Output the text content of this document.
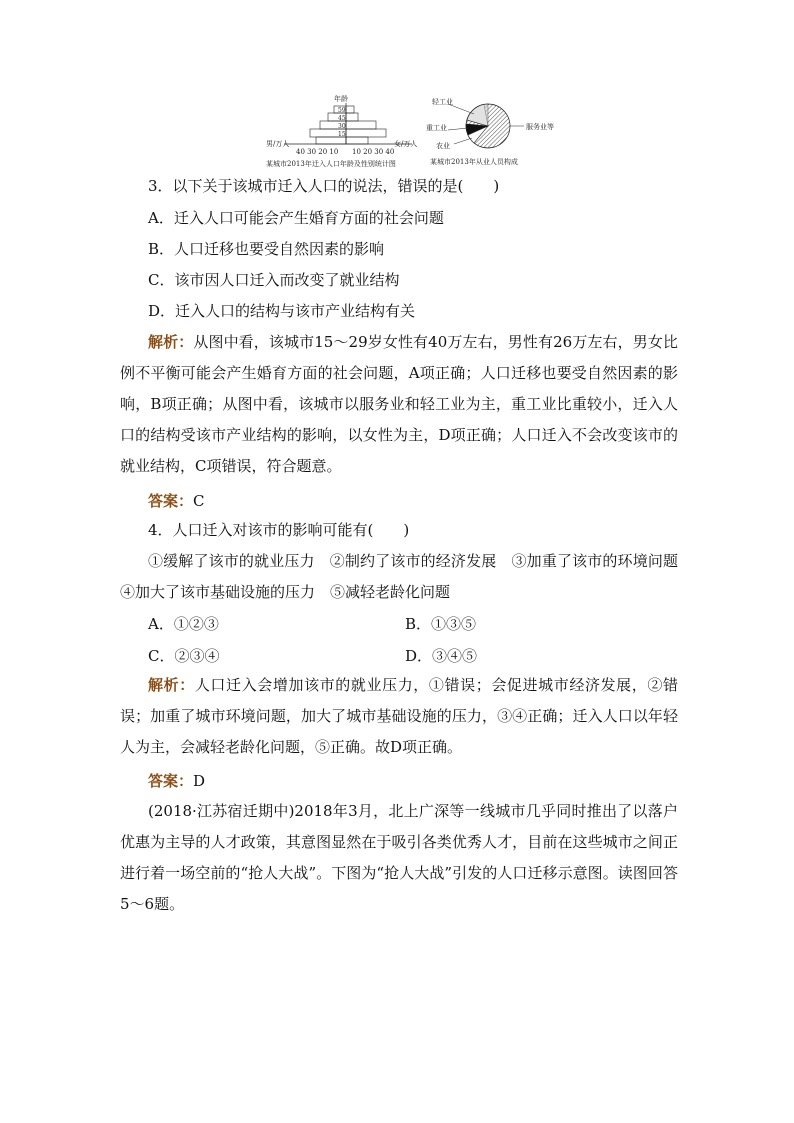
年龄
59
45
30
15
男/万人	女/万人
40 30 20 10 10 20 30 40
某城市2013年迁入人口年龄及性别统计图
轻工业
重工业
农业
服务业等
某城市2013年从业人员构成
3．以下关于该城市迁入人口的说法，错误的是(　　)
A．迁入人口可能会产生婚育方面的社会问题
B．人口迁移也要受自然因素的影响
C．该市因人口迁入而改变了就业结构
D．迁入人口的结构与该市产业结构有关
解析：从图中看，该城市15～29岁女性有40万左右，男性有26万左右，男女比例不平衡可能会产生婚育方面的社会问题，A项正确；人口迁移也要受自然因素的影响，B项正确；从图中看，该城市以服务业和轻工业为主，重工业比重较小，迁入人口的结构受该市产业结构的影响，以女性为主，D项正确；人口迁入不会改变该市的就业结构，C项错误，符合题意。
答案：C
4．人口迁入对该市的影响可能有(　　)
①缓解了该市的就业压力　②制约了该市的经济发展　③加重了该市的环境问题　④加大了该市基础设施的压力　⑤减轻老龄化问题
A．①②③	B．①③⑤
C．②③④	D．③④⑤
解析：人口迁入会增加该市的就业压力，①错误；会促进城市经济发展，②错误；加重了城市环境问题，加大了城市基础设施的压力，③④正确；迁入人口以年轻人为主，会减轻老龄化问题，⑤正确。故D项正确。
答案：D
(2018·江苏宿迁期中)2018年3月，北上广深等一线城市几乎同时推出了以落户优惠为主导的人才政策，其意图显然在于吸引各类优秀人才，目前在这些城市之间正进行着一场空前的“抢人大战”。下图为“抢人大战”引发的人口迁移示意图。读图回答5～6题。
